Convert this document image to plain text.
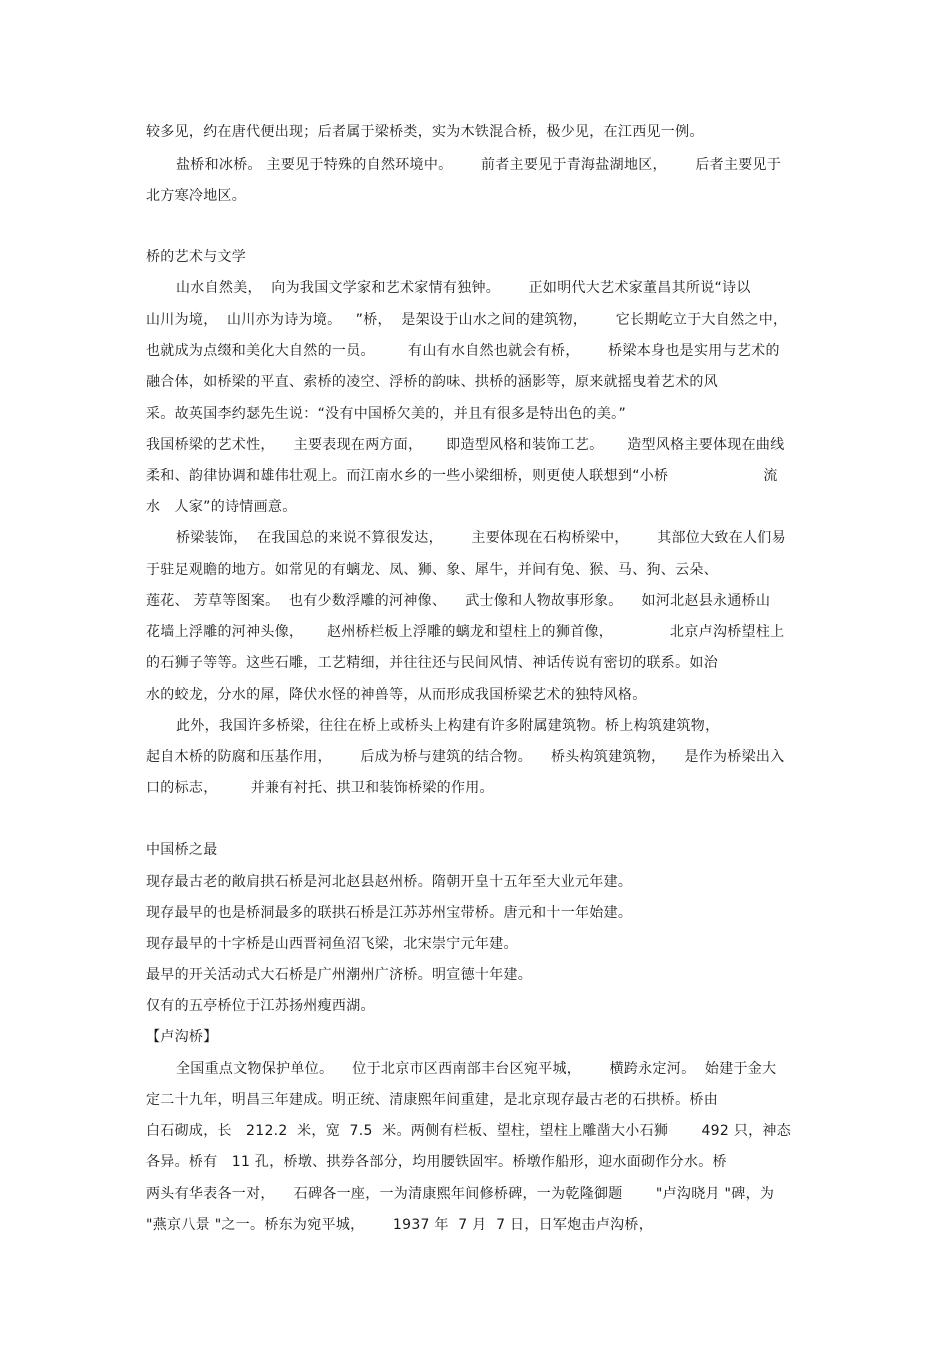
较多见，约在唐代便出现；后者属于梁桥类，实为木铁混合桥，极少见，在江西见一例。
盐桥和冰桥。 主要见于特殊的自然环境中。      前者主要见于青海盐湖地区，      后者主要见于
北方寒冷地区。
桥的艺术与文学
山水自然美，  向为我国文学家和艺术家情有独钟。      正如明代大艺术家董昌其所说“诗以
山川为境，  山川亦为诗为境。   ”桥，  是架设于山水之间的建筑物，      它长期屹立于大自然之中，
也就成为点缀和美化大自然的一员。       有山有水自然也就会有桥，      桥梁本身也是实用与艺术的
融合体，如桥梁的平直、索桥的凌空、浮桥的韵味、拱桥的涵影等，原来就摇曳着艺术的风
采。故英国李约瑟先生说：“没有中国桥欠美的，并且有很多是特出色的美。”
我国桥梁的艺术性，    主要表现在两方面，     即造型风格和装饰工艺。     造型风格主要体现在曲线
柔和、韵律协调和雄伟壮观上。而江南水乡的一些小梁细桥，则更使人联想到“小桥                    流
水   人家”的诗情画意。
桥梁装饰，  在我国总的来说不算很发达，      主要体现在石构桥梁中，      其部位大致在人们易
于驻足观瞻的地方。如常见的有螭龙、凤、狮、象、犀牛，并间有兔、猴、马、狗、云朵、
莲花、 芳草等图案。  也有少数浮雕的河神像、    武士像和人物故事形象。    如河北赵县永通桥山
花墙上浮雕的河神头像，     赵州桥栏板上浮雕的螭龙和望柱上的狮首像，            北京卢沟桥望柱上
的石狮子等等。这些石雕，工艺精细，并往往还与民间风情、神话传说有密切的联系。如治
水的蛟龙，分水的犀，降伏水怪的神兽等，从而形成我国桥梁艺术的独特风格。
此外，我国许多桥梁，往往在桥上或桥头上构建有许多附属建筑物。桥上构筑建筑物，
起自木桥的防腐和压基作用，      后成为桥与建筑的结合物。    桥头构筑建筑物，    是作为桥梁出入
口的标志，       并兼有衬托、拱卫和装饰桥梁的作用。
中国桥之最
现存最古老的敞肩拱石桥是河北赵县赵州桥。隋朝开皇十五年至大业元年建。
现存最早的也是桥洞最多的联拱石桥是江苏苏州宝带桥。唐元和十一年始建。
现存最早的十字桥是山西晋祠鱼沼飞梁，北宋崇宁元年建。
最早的开关活动式大石桥是广州潮州广济桥。明宣德十年建。
仅有的五亭桥位于江苏扬州瘦西湖。
【卢沟桥】
全国重点文物保护单位。    位于北京市区西南部丰台区宛平城，      横跨永定河。  始建于金大
定二十九年，明昌三年建成。明正统、清康熙年间重建，是北京现存最古老的石拱桥。桥由
白石砌成，长   212.2  米，宽  7.5  米。两侧有栏板、望柱，望柱上雕凿大小石狮       492 只，神态
各异。桥有   11 孔，桥墩、拱券各部分，均用腰铁固牢。桥墩作船形，迎水面砌作分水。桥
两头有华表各一对，    石碑各一座，一为清康熙年间修桥碑，一为乾隆御题       "卢沟晓月 "碑，为
"燕京八景 "之一。桥东为宛平城，      1937 年  7 月  7 日，日军炮击卢沟桥，
